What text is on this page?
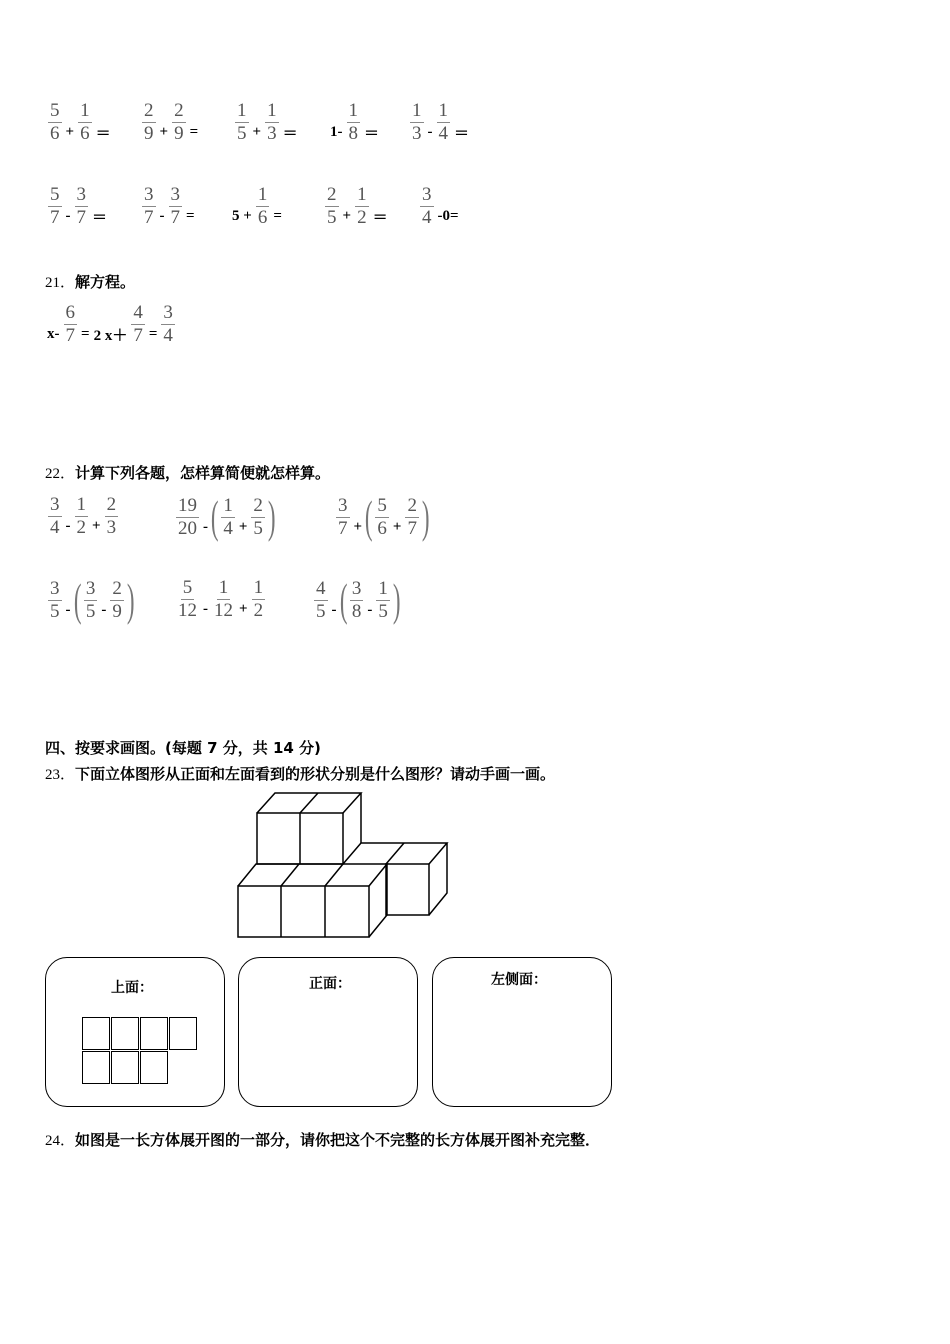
$\frac{5}{6} + \frac{1}{6} = \frac{2}{9} + \frac{2}{9} = \frac{1}{5} + \frac{1}{3} = 1- \frac{1}{8} = \frac{1}{3} - \frac{1}{4}$ ＝
$\frac{5}{7} - \frac{3}{7} = \frac{3}{7} - \frac{3}{7} = 5 + \frac{1}{6} = \frac{2}{5} + \frac{1}{2} = \frac{3}{4} -0=$
21．解方程。
$x- \frac{6}{7} = 2$ $x+ \frac{4}{7} = \frac{3}{4}$
22．计算下列各题，怎样算简便就怎样算。
$\frac{3}{4} - \frac{1}{2} + \frac{2}{3}$	$\frac{19}{20}$ - ( $\frac{1}{4} + \frac{2}{5}$ )	$\frac{3}{7}$ + ( $\frac{5}{6} + \frac{2}{7}$ )
$\frac{3}{5}$ - ( $\frac{3}{5} - \frac{2}{9}$ ) $\frac{5}{12} - \frac{1}{12} + \frac{1}{2}$	$\frac{4}{5}$ - ( $\frac{3}{8} - \frac{1}{5}$ )
四、按要求画图。(每题 7 分，共 14 分)
23．下面立体图形从正面和左面看到的形状分别是什么图形？请动手画一画。
上面：	正面：	左侧面：
24．如图是一长方体展开图的一部分，请你把这个不完整的长方体展开图补充完整．
